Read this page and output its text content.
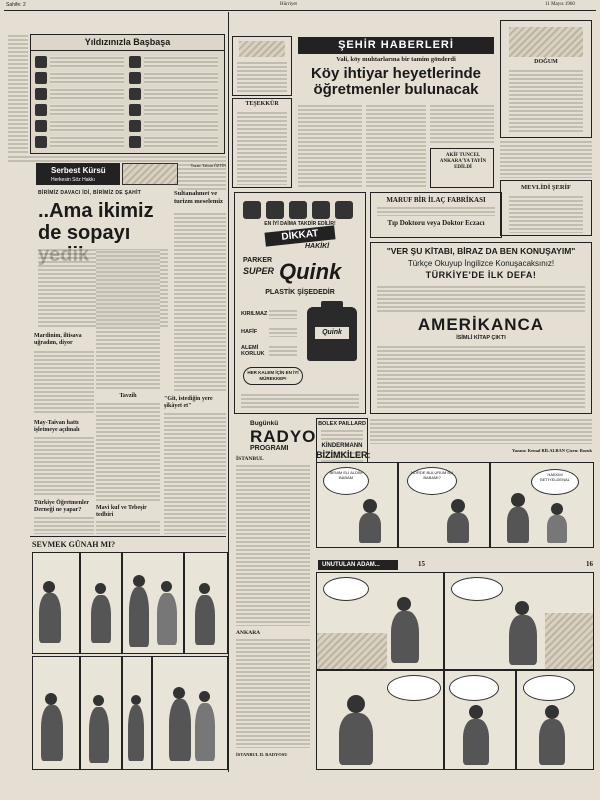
Sahife: 2	Hürriyet	11 Mayıs 1960
Yıldızınızla Başbaşa
Serbest Kürsü
Herkesin Söz Hakkı
BİRİMİZ DAVACI İDİ, BİRİMİZ DE ŞAHİT
..Ama ikimiz de sopayı
Mardinim, iltisava uğradım, diyor
May-Taivan hattı işletmeye açılmalı
Türkiye Öğretmenler Derneği ne yapar?
Tavzih
Mavi kuf ve Tebeşir tedbiri
Sultanahmet ve turizm meselemiz
Yazan: Tahsin ÖZTİN
"Git, istediğin yere şikâyet et"
SEVMEK GÜNAH MI?
TEŞEKKÜR
ŞEHİR HABERLERİ
Vali, köy muhtarlarına bir tamim gönderdi
Köy ihtiyar heyetlerinde öğretmenler bulunacak
AKİF TUNCEL ANKARA'YA TAYİN EDİLDİ
DOĞUM
MEVLİDİ ŞERİF
MARUF BİR İLAÇ FABRİKASI
Tıp Doktoru veya Doktor Eczacı
EN İYİ DAİMA TAKDİR EDİLİR!
DİKKAT
HAKİKİ
PARKER
SUPER Quink
PLASTİK ŞİŞEDEDİR
KIRILMAZ
HAFİF
ALEMİ KORLUK
Quink
HER KALEM İÇİN EN İYİ MÜREKKEP!
"VER ŞU KİTABI, BİRAZ DA BEN KONUŞAYIM"
Türkçe Okuyup İngilizce Konuşacaksınız!
TÜRKİYE'DE İLK DEFA!
AMERİKANCA
İSİMLİ KİTAP ÇIKTI
Bugünkü
RADYO
PROGRAMI
İSTANBUL
ANKARA
İSTANBUL II. RADYOSU
BOLEX PAILLARD
KİNDERMANN
BİZİMKİLER:	Yazanı: Kemal BİLALBAN Çizen: Bozuk
BENIM ELİ ALDIM BABAM
NORDE BULURUM BU BABAMI?
HAKKIM BETİYELDENAL
UNUTULAN ADAM...	15	16
